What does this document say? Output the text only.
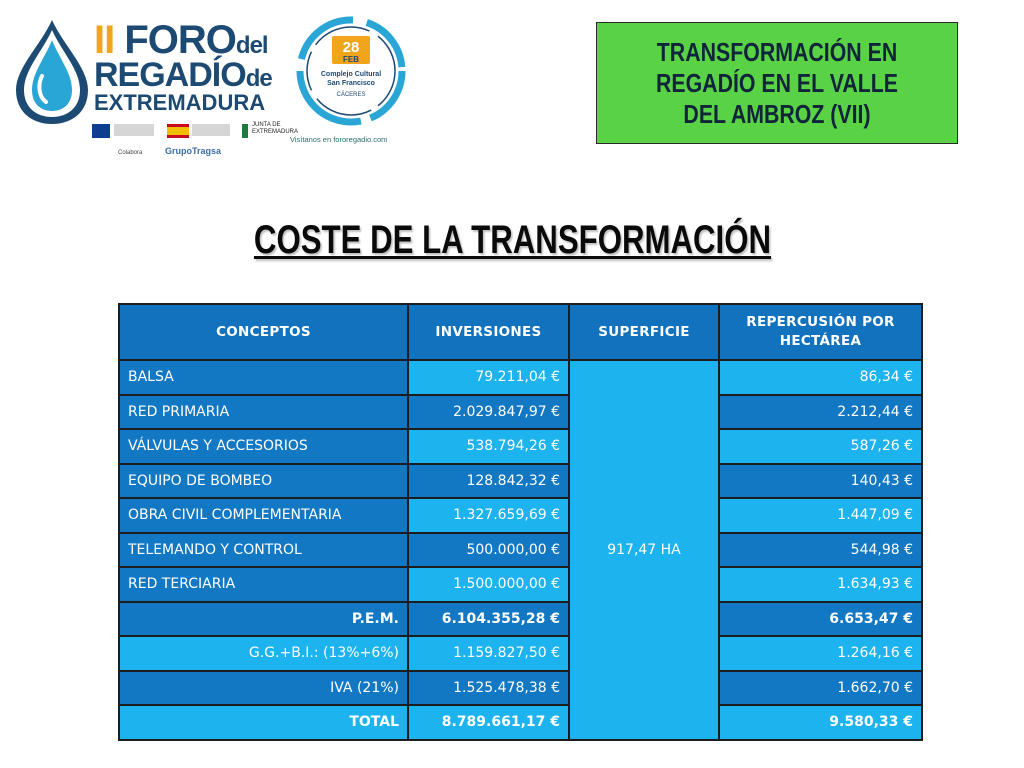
II FOROdel
REGADÍOde
EXTREMADURA
JUNTA DE EXTREMADURA
Colabora	GrupoTragsa
28
FEB
Complejo Cultural
San Francisco
CÁCERES
Visítanos en fororegadio.com
TRANSFORMACIÓN EN
REGADÍO EN EL VALLE
DEL AMBROZ (VII)
COSTE DE LA TRANSFORMACIÓN
CONCEPTOS	INVERSIONES	SUPERFICIE	REPERCUSIÓN POR
HECTÁREA
BALSA	79.211,04 €	917,47 HA	86,34 €
RED PRIMARIA	2.029.847,97 €		2.212,44 €
VÁLVULAS Y ACCESORIOS	538.794,26 €		587,26 €
EQUIPO DE BOMBEO	128.842,32 €		140,43 €
OBRA CIVIL COMPLEMENTARIA	1.327.659,69 €		1.447,09 €
TELEMANDO Y CONTROL	500.000,00 €		544,98 €
RED TERCIARIA	1.500.000,00 €		1.634,93 €
P.E.M.	6.104.355,28 €		6.653,47 €
G.G.+B.I.: (13%+6%)	1.159.827,50 €		1.264,16 €
IVA (21%)	1.525.478,38 €		1.662,70 €
TOTAL	8.789.661,17 €		9.580,33 €
